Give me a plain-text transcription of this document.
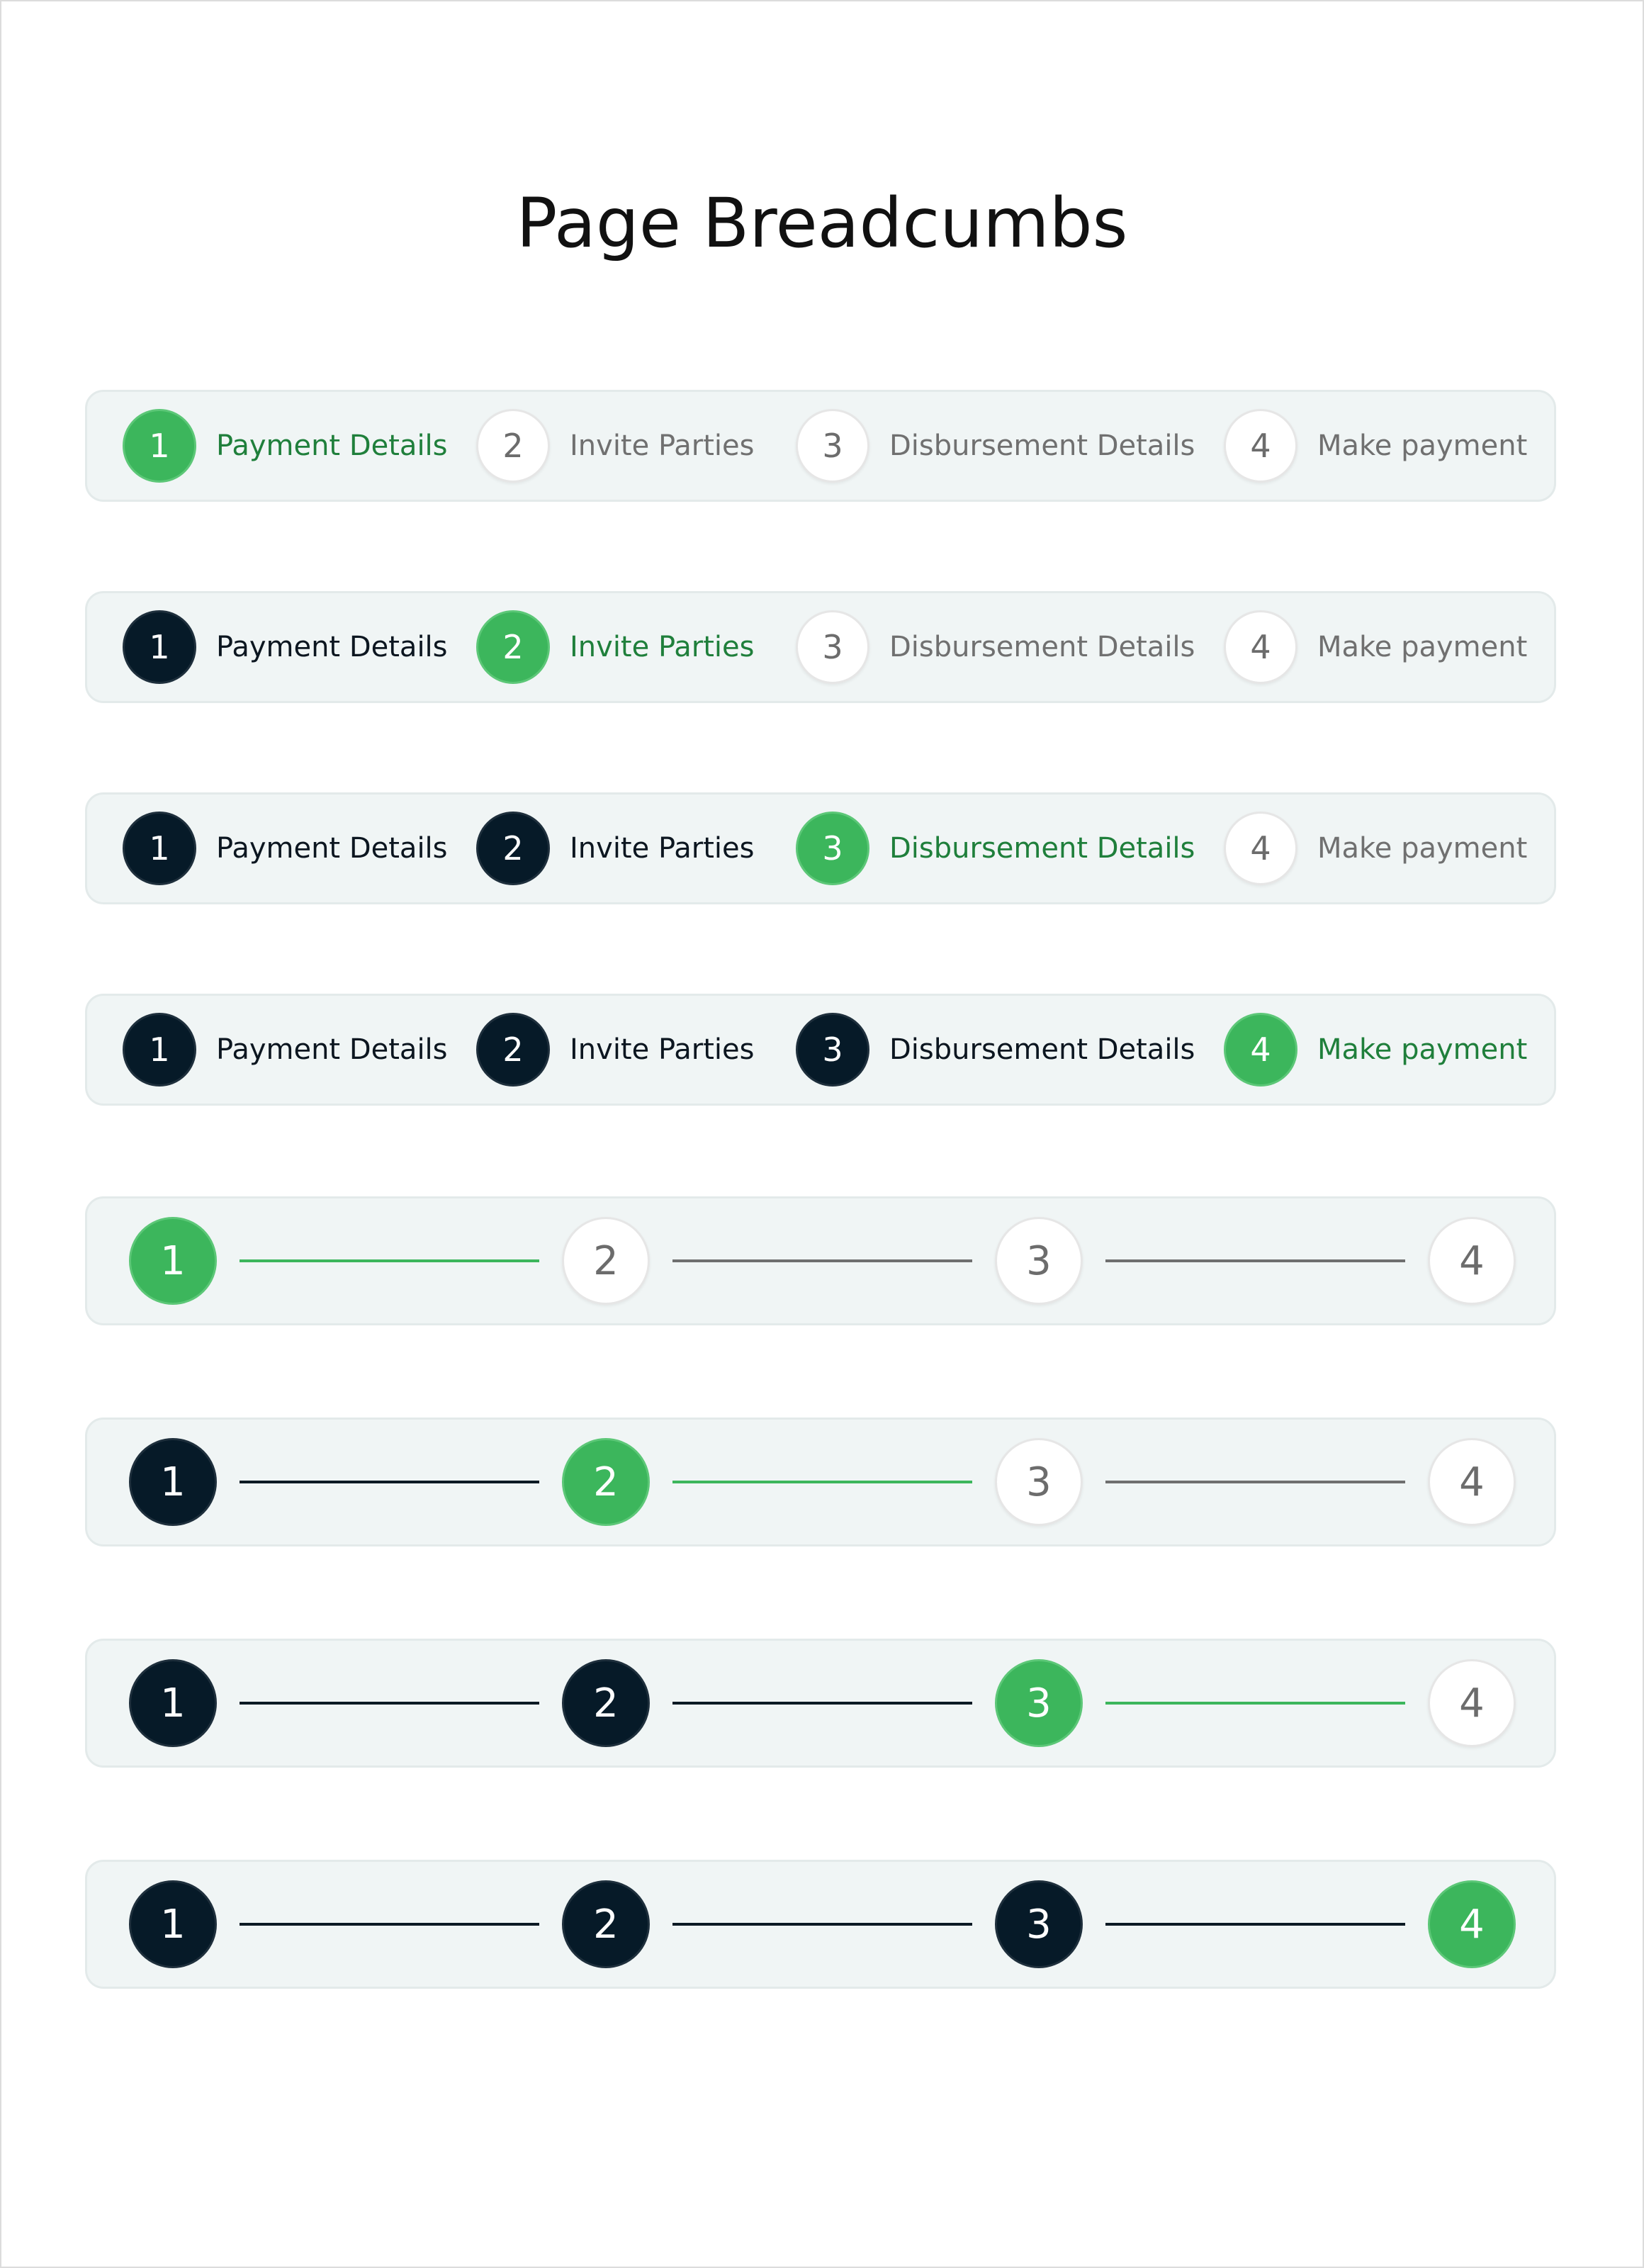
Page Breadcumbs
1	Payment Details	2	Invite Parties	3	Disbursement Details	4	Make payment
1	Payment Details	2	Invite Parties	3	Disbursement Details	4	Make payment
1	Payment Details	2	Invite Parties	3	Disbursement Details	4	Make payment
1	Payment Details	2	Invite Parties	3	Disbursement Details	4	Make payment
1	2	3	4
1	2	3	4
1	2	3	4
1	2	3	4
